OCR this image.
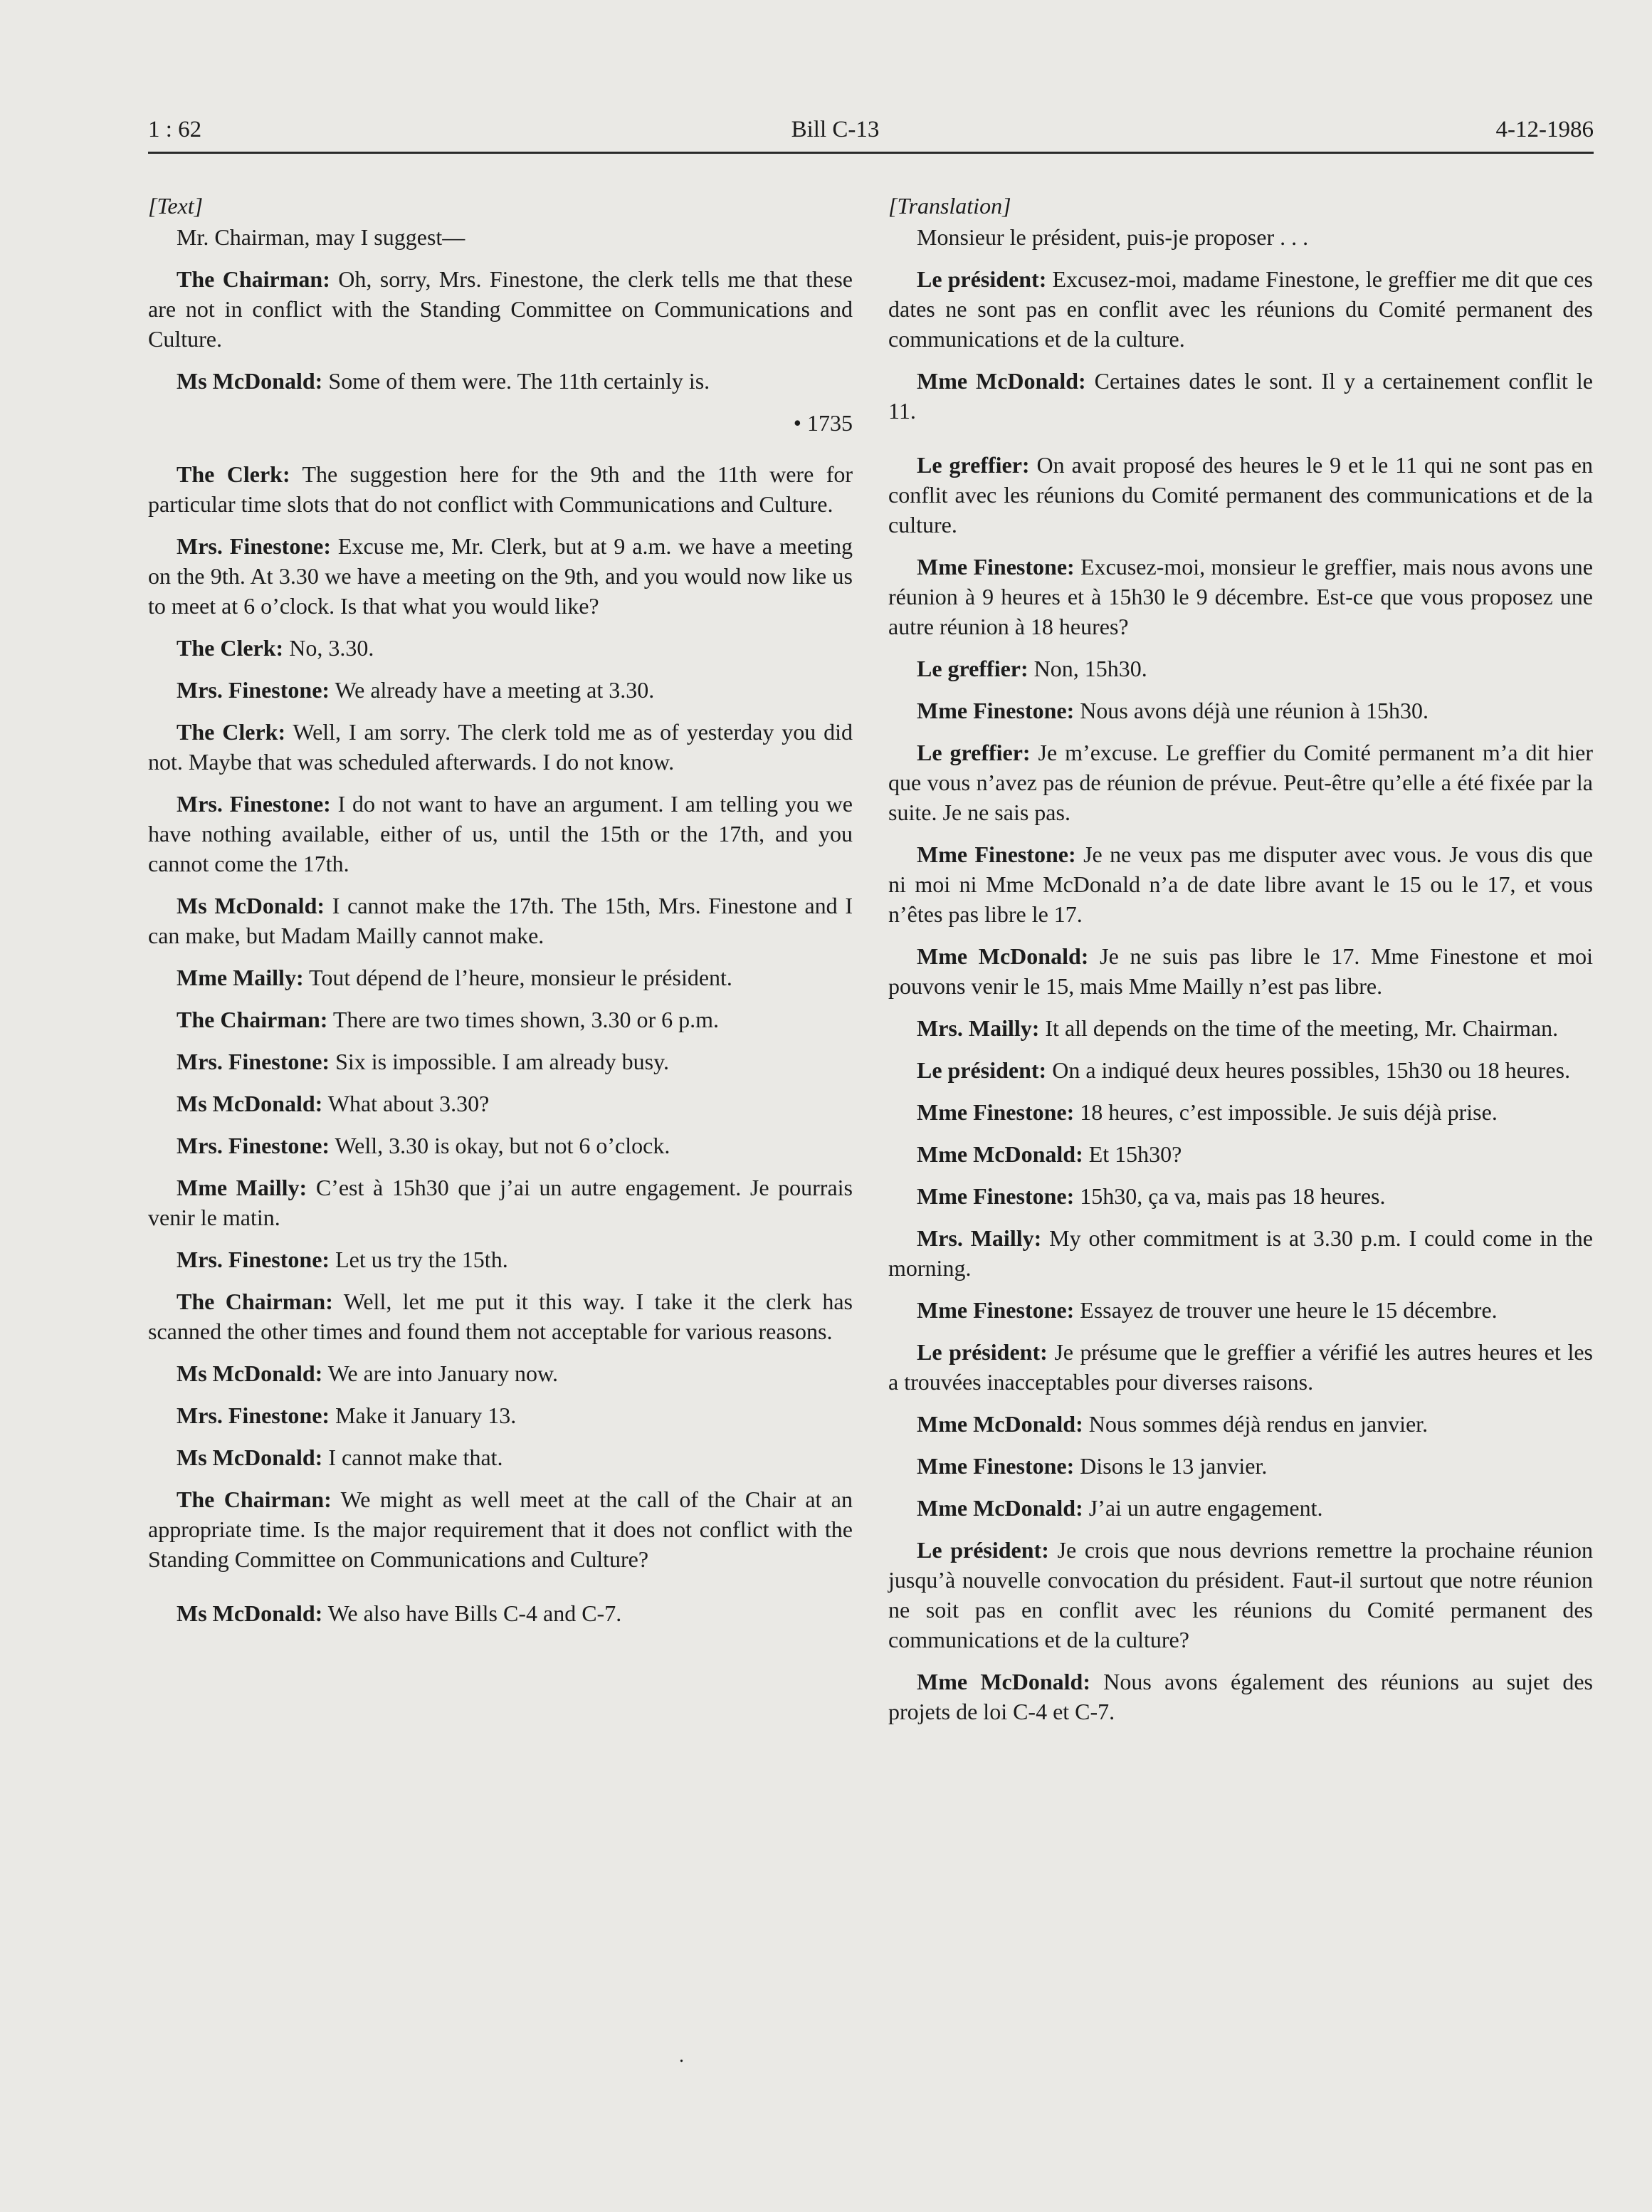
1 : 62	Bill C-13	4-12-1986
[Text]
Mr. Chairman, may I suggest—
The Chairman: Oh, sorry, Mrs. Finestone, the clerk tells me that these are not in conflict with the Standing Committee on Communications and Culture.
Ms McDonald: Some of them were. The 11th certainly is.
• 1735
The Clerk: The suggestion here for the 9th and the 11th were for particular time slots that do not conflict with Communications and Culture.
Mrs. Finestone: Excuse me, Mr. Clerk, but at 9 a.m. we have a meeting on the 9th. At 3.30 we have a meeting on the 9th, and you would now like us to meet at 6 o’clock. Is that what you would like?
The Clerk: No, 3.30.
Mrs. Finestone: We already have a meeting at 3.30.
The Clerk: Well, I am sorry. The clerk told me as of yesterday you did not. Maybe that was scheduled afterwards. I do not know.
Mrs. Finestone: I do not want to have an argument. I am telling you we have nothing available, either of us, until the 15th or the 17th, and you cannot come the 17th.
Ms McDonald: I cannot make the 17th. The 15th, Mrs. Finestone and I can make, but Madam Mailly cannot make.
Mme Mailly: Tout dépend de l’heure, monsieur le président.
The Chairman: There are two times shown, 3.30 or 6 p.m.
Mrs. Finestone: Six is impossible. I am already busy.
Ms McDonald: What about 3.30?
Mrs. Finestone: Well, 3.30 is okay, but not 6 o’clock.
Mme Mailly: C’est à 15h30 que j’ai un autre engagement. Je pourrais venir le matin.
Mrs. Finestone: Let us try the 15th.
The Chairman: Well, let me put it this way. I take it the clerk has scanned the other times and found them not acceptable for various reasons.
Ms McDonald: We are into January now.
Mrs. Finestone: Make it January 13.
Ms McDonald: I cannot make that.
The Chairman: We might as well meet at the call of the Chair at an appropriate time. Is the major requirement that it does not conflict with the Standing Committee on Communications and Culture?
Ms McDonald: We also have Bills C-4 and C-7.
[Translation]
Monsieur le président, puis-je proposer . . .
Le président: Excusez-moi, madame Finestone, le greffier me dit que ces dates ne sont pas en conflit avec les réunions du Comité permanent des communications et de la culture.
Mme McDonald: Certaines dates le sont. Il y a certainement conflit le 11.
Le greffier: On avait proposé des heures le 9 et le 11 qui ne sont pas en conflit avec les réunions du Comité permanent des communications et de la culture.
Mme Finestone: Excusez-moi, monsieur le greffier, mais nous avons une réunion à 9 heures et à 15h30 le 9 décembre. Est-ce que vous proposez une autre réunion à 18 heures?
Le greffier: Non, 15h30.
Mme Finestone: Nous avons déjà une réunion à 15h30.
Le greffier: Je m’excuse. Le greffier du Comité permanent m’a dit hier que vous n’avez pas de réunion de prévue. Peut-être qu’elle a été fixée par la suite. Je ne sais pas.
Mme Finestone: Je ne veux pas me disputer avec vous. Je vous dis que ni moi ni Mme McDonald n’a de date libre avant le 15 ou le 17, et vous n’êtes pas libre le 17.
Mme McDonald: Je ne suis pas libre le 17. Mme Finestone et moi pouvons venir le 15, mais Mme Mailly n’est pas libre.
Mrs. Mailly: It all depends on the time of the meeting, Mr. Chairman.
Le président: On a indiqué deux heures possibles, 15h30 ou 18 heures.
Mme Finestone: 18 heures, c’est impossible. Je suis déjà prise.
Mme McDonald: Et 15h30?
Mme Finestone: 15h30, ça va, mais pas 18 heures.
Mrs. Mailly: My other commitment is at 3.30 p.m. I could come in the morning.
Mme Finestone: Essayez de trouver une heure le 15 décembre.
Le président: Je présume que le greffier a vérifié les autres heures et les a trouvées inacceptables pour diverses raisons.
Mme McDonald: Nous sommes déjà rendus en janvier.
Mme Finestone: Disons le 13 janvier.
Mme McDonald: J’ai un autre engagement.
Le président: Je crois que nous devrions remettre la prochaine réunion jusqu’à nouvelle convocation du président. Faut-il surtout que notre réunion ne soit pas en conflit avec les réunions du Comité permanent des communications et de la culture?
Mme McDonald: Nous avons également des réunions au sujet des projets de loi C-4 et C-7.
.
